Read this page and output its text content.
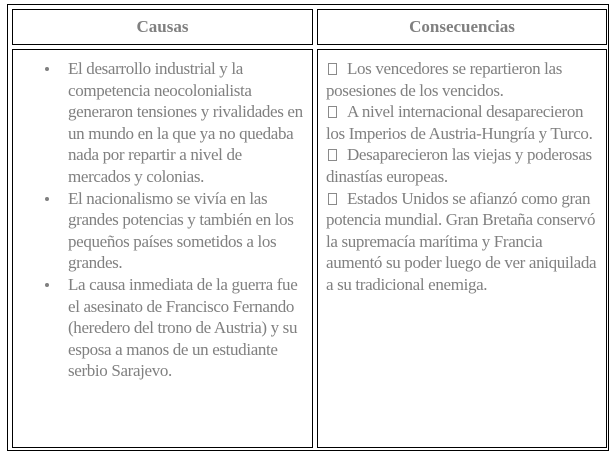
Causas	Consecuencias
El desarrollo industrial y la competencia neocolonialista generaron tensiones y rivalidades en un mundo en la que ya no quedaba nada por repartir a nivel de mercados y colonias.
El nacionalismo se vivía en las grandes potencias y también en los pequeños países sometidos a los grandes.
La causa inmediata de la guerra fue el asesinato de Francisco Fernando (heredero del trono de Austria) y su esposa a manos de un estudiante serbio Sarajevo.

Los vencedores se repartieron las posesiones de los vencidos.

A nivel internacional desaparecieron los Imperios de Austria-Hungría y Turco.

Desaparecieron las viejas y poderosas dinastías europeas.

Estados Unidos se afianzó como gran potencia mundial. Gran Bretaña conservó la supremacía marítima y Francia aumentó su poder luego de ver aniquilada a su tradicional enemiga.
